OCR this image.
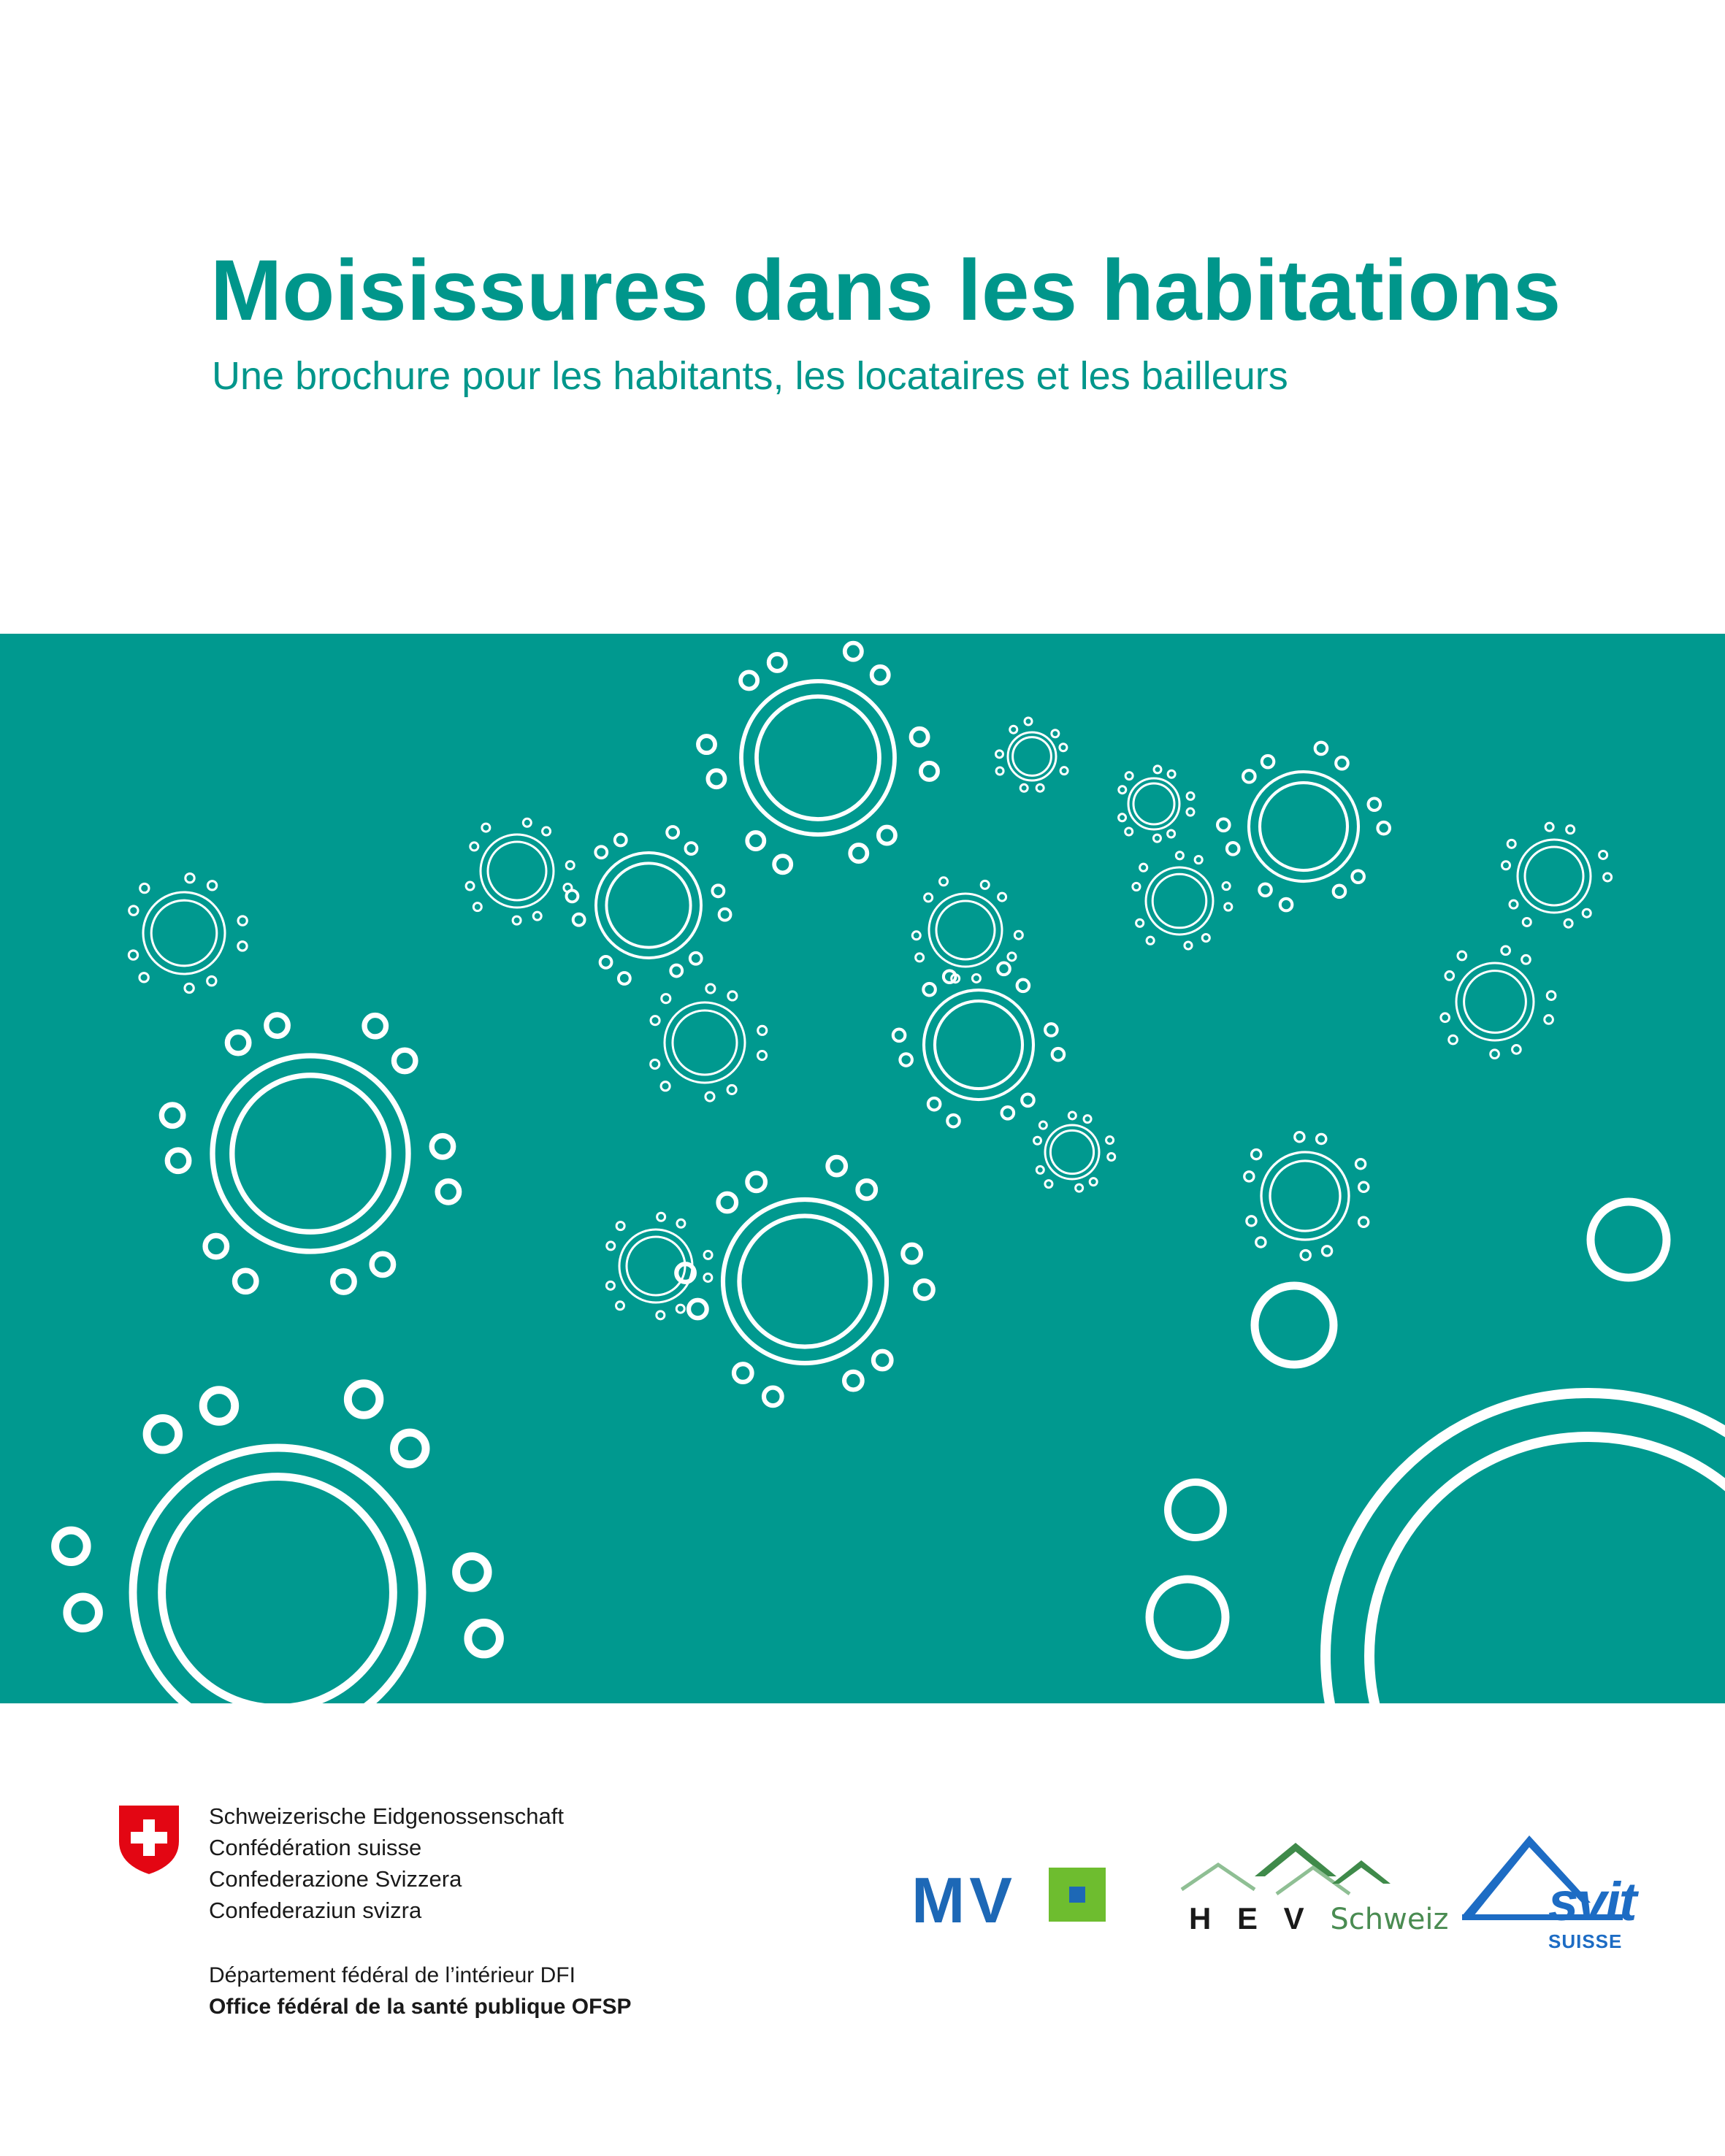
Moisissures dans les habitations

Une brochure pour les habitants, les locataires et les bailleurs

Schweizerische Eidgenossenschaft
Confédération suisse
Confederazione Svizzera
Confederaziun svizra
Département fédéral de l’intérieur DFI
Office fédéral de la santé publique OFSP
MV	H E V Schweiz svit
SUISSE
